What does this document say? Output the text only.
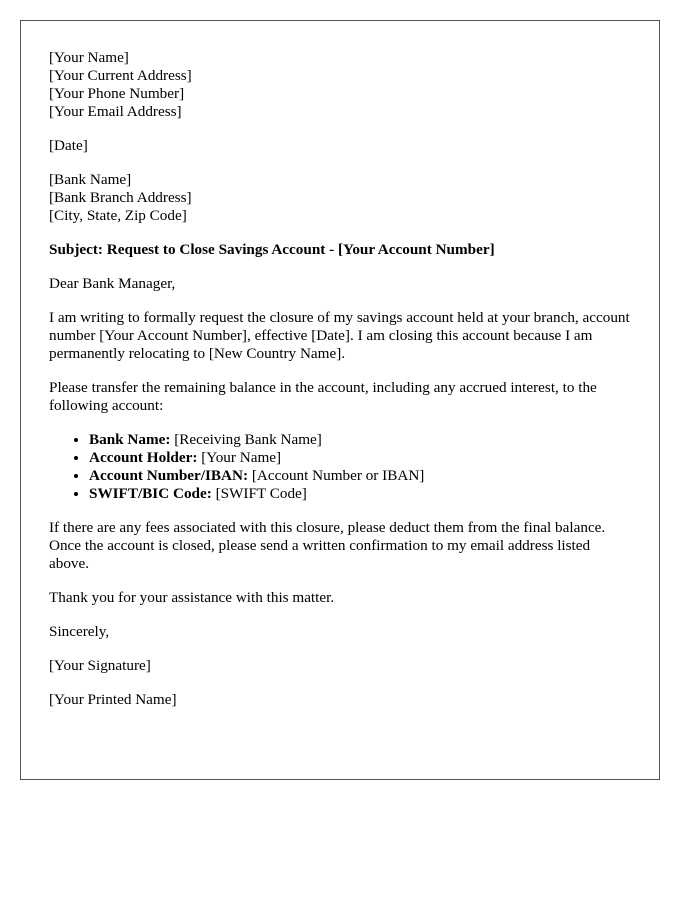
[Your Name]
[Your Current Address]
[Your Phone Number]
[Your Email Address]

[Date]

[Bank Name]
[Bank Branch Address]
[City, State, Zip Code]

Subject: Request to Close Savings Account - [Your Account Number]

Dear Bank Manager,

I am writing to formally request the closure of my savings account held at your branch, account number [Your Account Number], effective [Date]. I am closing this account because I am permanently relocating to [New Country Name].

Please transfer the remaining balance in the account, including any accrued interest, to the following account:

• Bank Name: [Receiving Bank Name]
• Account Holder: [Your Name]
• Account Number/IBAN: [Account Number or IBAN]
• SWIFT/BIC Code: [SWIFT Code]

If there are any fees associated with this closure, please deduct them from the final balance. Once the account is closed, please send a written confirmation to my email address listed above.

Thank you for your assistance with this matter.

Sincerely,

[Your Signature]

[Your Printed Name]
